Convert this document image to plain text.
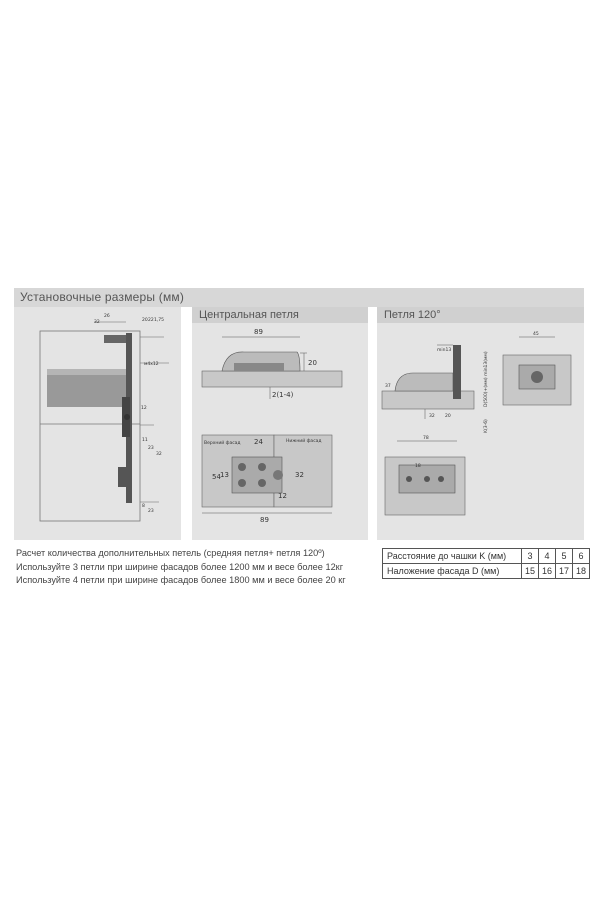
Установочные размеры (мм)
26
32	20 22 1,75
м4х12
12
11
23
32
23
8
Центральная петля
89
20
2(1-4)
Верхний фасад	Нижний фасад
24
54 13	32
12
89
Петля 120°
min13
37
32 20
D(500)+(мм) min13(мм)
K(3-6)
45
78
18
Расчет количества дополнительных петель (средняя петля+ петля 120º)
Используйте 3 петли при ширине фасадов более 1200 мм и весе более 12кг
Используйте 4 петли при ширине фасадов более 1800 мм и весе более 20 кг
Расстояние до чашки K (мм)	3	4	5	6
Наложение фасада D (мм)	15	16	17	18
